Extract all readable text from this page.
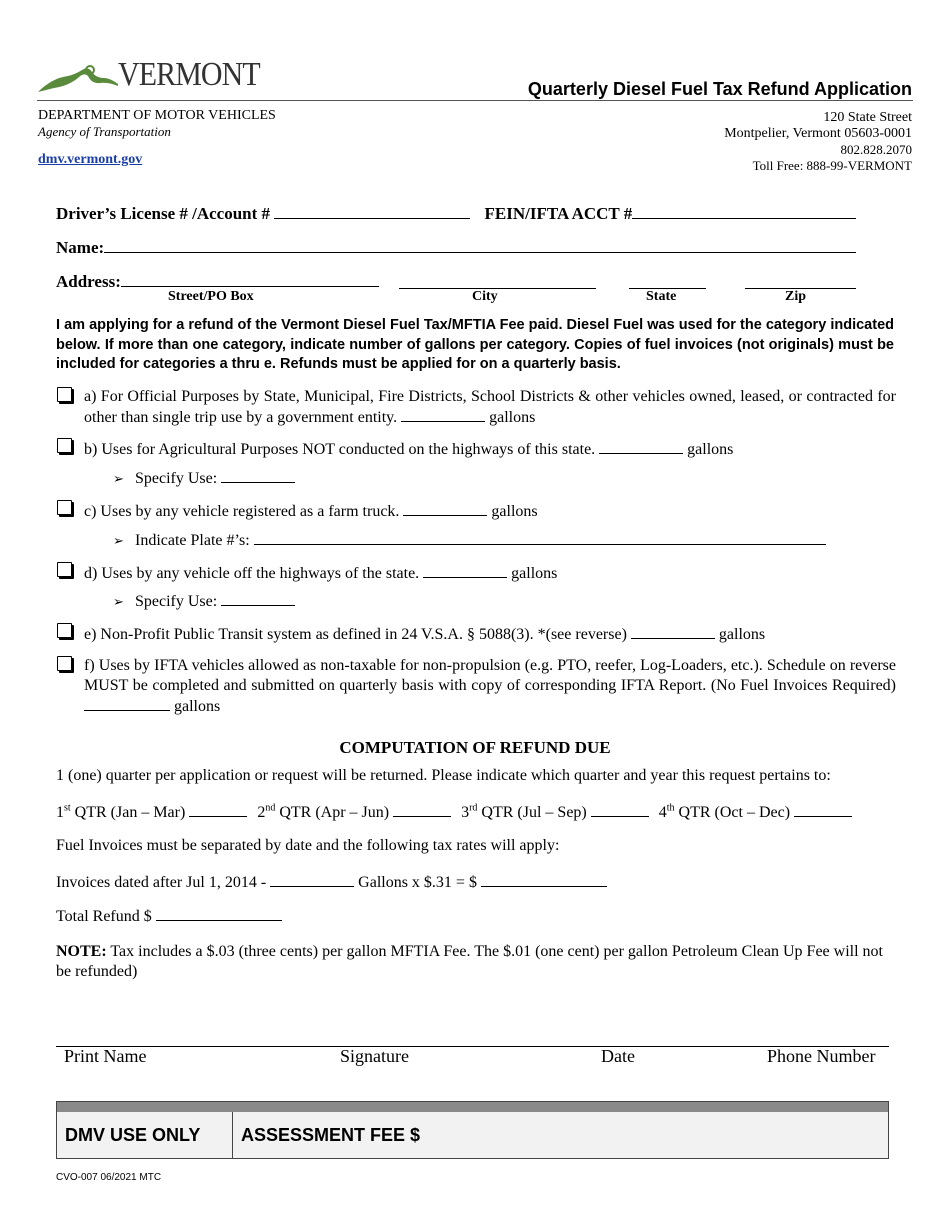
VERMONT	Quarterly Diesel Fuel Tax Refund Application
DEPARTMENT OF MOTOR VEHICLES
Agency of Transportation
dmv.vermont.gov
120 State Street
Montpelier, Vermont 05603-0001
802.828.2070
Toll Free: 888-99-VERMONT
Driver’s License # /Account #	FEIN/IFTA ACCT #
Name:
Address:
Street/PO Box	City	State	Zip
I am applying for a refund of the Vermont Diesel Fuel Tax/MFTIA Fee paid. Diesel Fuel was used for the category indicated below. If more than one category, indicate number of gallons per category. Copies of fuel invoices (not originals) must be included for categories a thru e. Refunds must be applied for on a quarterly basis.
a) For Official Purposes by State, Municipal, Fire Districts, School Districts & other vehicles owned, leased, or contracted for other than single trip use by a government entity.	gallons
b) Uses for Agricultural Purposes NOT conducted on the highways of this state.	gallons
➢ Specify Use:
c) Uses by any vehicle registered as a farm truck.	gallons
➢ Indicate Plate #’s:
d) Uses by any vehicle off the highways of the state.	gallons
➢ Specify Use:
e) Non-Profit Public Transit system as defined in 24 V.S.A. § 5088(3). *(see reverse)	gallons
f) Uses by IFTA vehicles allowed as non-taxable for non-propulsion (e.g. PTO, reefer, Log-Loaders, etc.). Schedule on reverse MUST be completed and submitted on quarterly basis with copy of corresponding IFTA Report. (No Fuel Invoices Required)  gallons
COMPUTATION OF REFUND DUE
1 (one) quarter per application or request will be returned. Please indicate which quarter and year this request pertains to:
1st QTR (Jan – Mar)	2nd QTR (Apr – Jun)	3rd QTR (Jul – Sep)	4th QTR (Oct – Dec)
Fuel Invoices must be separated by date and the following tax rates will apply:
Invoices dated after Jul 1, 2014 -	Gallons x $.31 = $
Total Refund $
NOTE: Tax includes a $.03 (three cents) per gallon MFTIA Fee. The $.01 (one cent) per gallon Petroleum Clean Up Fee will not be refunded)
Print Name	Signature	Date	Phone Number
DMV USE ONLY ASSESSMENT FEE $
CVO-007 06/2021 MTC
